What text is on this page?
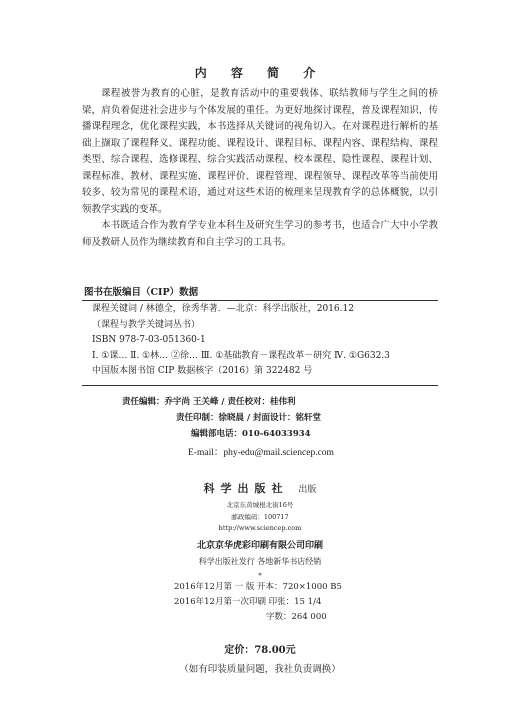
内 容 简 介

课程被誉为教育的心脏，是教育活动中的重要载体、联结教师与学生之间的桥梁，肩负着促进社会进步与个体发展的重任。为更好地探讨课程，普及课程知识，传播课程理念，优化课程实践，本书选择从关键词的视角切入。在对课程进行解析的基础上撷取了课程释义、课程功能、课程设计、课程目标、课程内容、课程结构、课程类型、综合课程、选修课程、综合实践活动课程、校本课程、隐性课程、课程计划、课程标准、教材、课程实施、课程评价、课程管理、课程领导、课程改革等当前使用较多、较为常见的课程术语，通过对这些术语的梳理来呈现教育学的总体概貌，以引领教学实践的变革。

本书既适合作为教育学专业本科生及研究生学习的参考书，也适合广大中小学教师及教研人员作为继续教育和自主学习的工具书。

图书在版编目（CIP）数据
课程关键词 / 林德全，徐秀华著．—北京：科学出版社，2016.12
（课程与教学关键词丛书）
ISBN 978-7-03-051360-1
Ⅰ. ①课… Ⅱ. ①林… ②徐… Ⅲ. ①基础教育－课程改革－研究 Ⅳ. ①G632.3
中国版本图书馆 CIP 数据核字（2016）第 322482 号
责任编辑：乔宇尚 王关峰 / 责任校对：桂伟利
责任印制：徐晓晨 / 封面设计：铭轩堂
编辑部电话：010-64033934
E-mail：phy-edu@mail.sciencep.com
科学出版社 出版
北京东黄城根北街16号
邮政编码：100717
http://www.sciencep.com
北京京华虎彩印刷有限公司印刷
科学出版社发行 各地新华书店经销
*
2016年12月第 一 版 开本：720×1000 B5
2016年12月第一次印刷 印张：15 1/4
字数：264 000
定价：78.00元
（如有印装质量问题，我社负责调换）
